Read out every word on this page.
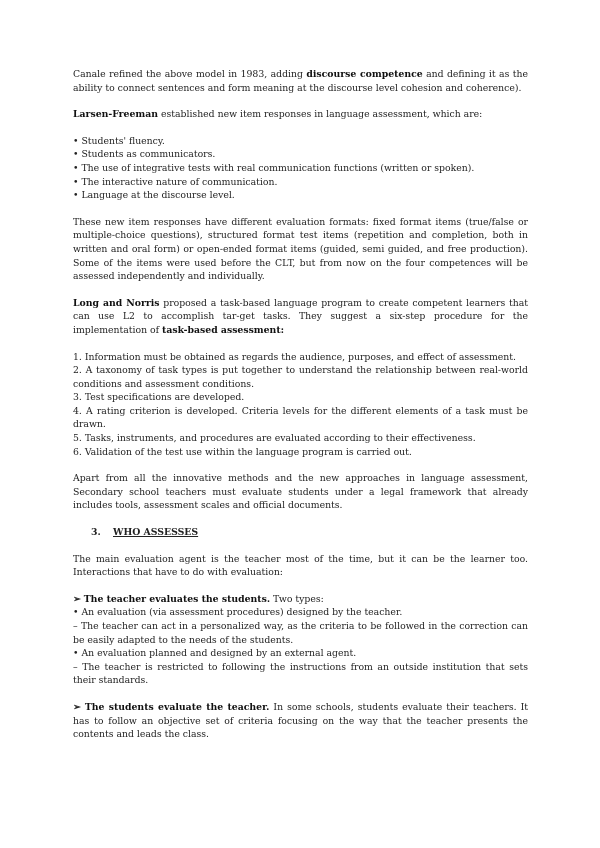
Canale refined the above model in 1983, adding discourse competence and defining it as the ability to connect sentences and form meaning at the discourse level cohesion and coherence).

Larsen-Freeman established new item responses in language assessment, which are:

• Students' fluency.
• Students as communicators.
• The use of integrative tests with real communication functions (written or spoken).
• The interactive nature of communication.
• Language at the discourse level.

These new item responses have different evaluation formats: fixed format items (true/false or multiple-choice questions), structured format test items (repetition and completion, both in written and oral form) or open-ended format items (guided, semi guided, and free production). Some of the items were used before the CLT, but from now on the four competences will be assessed independently and individually.

Long and Norris proposed a task-based language program to create competent learners that can use L2 to accomplish tar-get tasks. They suggest a six-step procedure for the implementation of task-based assessment:

1. Information must be obtained as regards the audience, purposes, and effect of assessment.
2. A taxonomy of task types is put together to understand the relationship between real-world conditions and assessment conditions.
3. Test specifications are developed.
4. A rating criterion is developed. Criteria levels for the different elements of a task must be drawn.
5. Tasks, instruments, and procedures are evaluated according to their effectiveness.
6. Validation of the test use within the language program is carried out.

Apart from all the innovative methods and the new approaches in language assessment, Secondary school teachers must evaluate students under a legal framework that already includes tools, assessment scales and official documents.

3. WHO ASSESSES

The main evaluation agent is the teacher most of the time, but it can be the learner too. Interactions that have to do with evaluation:

➢ The teacher evaluates the students. Two types:
• An evaluation (via assessment procedures) designed by the teacher.
– The teacher can act in a personalized way, as the criteria to be followed in the correction can be easily adapted to the needs of the students.
• An evaluation planned and designed by an external agent.
– The teacher is restricted to following the instructions from an outside institution that sets their standards.

➢ The students evaluate the teacher. In some schools, students evaluate their teachers. It has to follow an objective set of criteria focusing on the way that the teacher presents the contents and leads the class.
